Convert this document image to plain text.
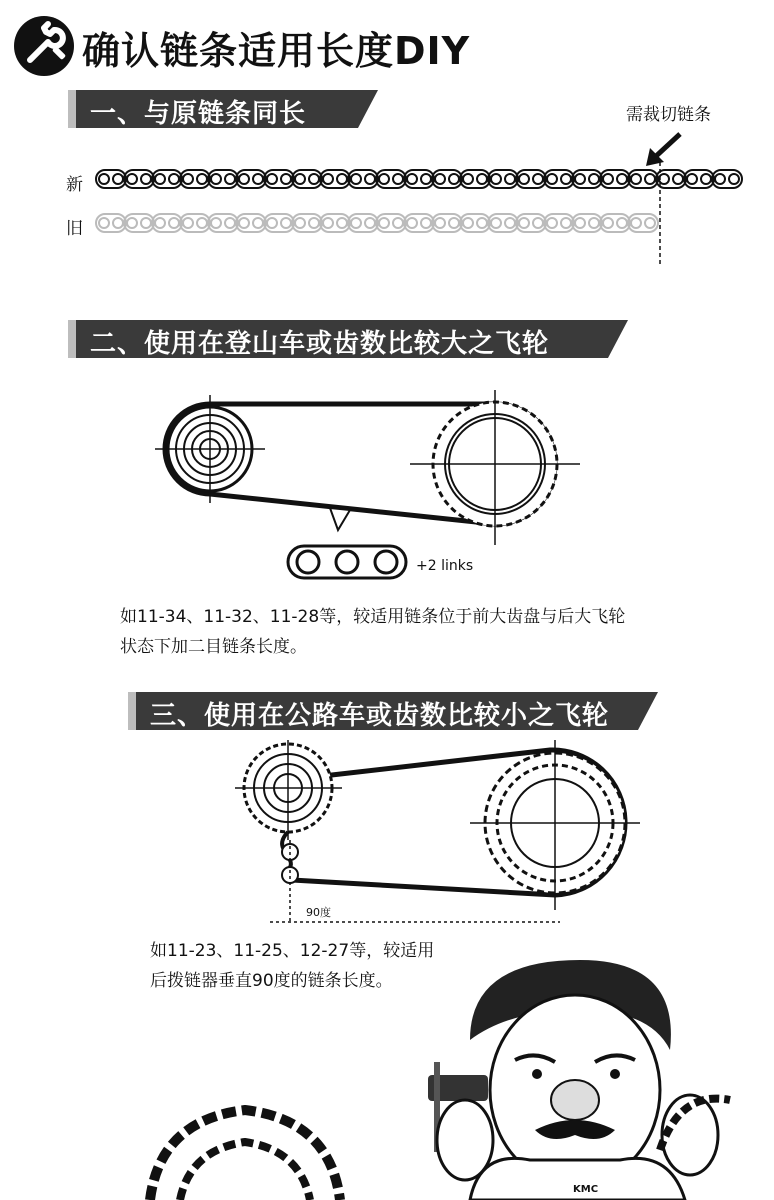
确认链条适用长度DIY
一、与原链条同长	需裁切链条
新
旧
二、使用在登山车或齿数比较大之飞轮
+2 links
如11-34、11-32、11-28等，较适用链条位于前大齿盘与后大飞轮
状态下加二目链条长度。
三、使用在公路车或齿数比较小之飞轮
90度
如11-23、11-25、12-27等，较适用
后拨链器垂直90度的链条长度。
KMC
